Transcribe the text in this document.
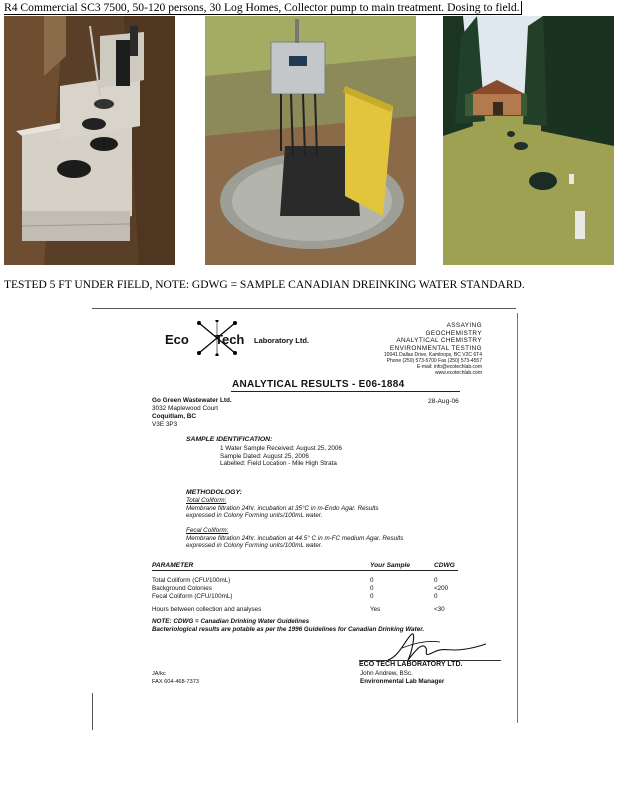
R4 Commercial SC3 7500, 50-120 persons, 30 Log Homes, Collector pump to main treatment. Dosing to field.
TESTED 5 FT UNDER FIELD, NOTE: GDWG = SAMPLE CANADIAN DREINKING WATER STANDARD.
Eco Tech Laboratory Ltd.
ASSAYING
GEOCHEMISTRY
ANALYTICAL CHEMISTRY
ENVIRONMENTAL TESTING
10041 Dallas Drive, Kamloops, BC V2C 6T4
Phone (250) 573-5700 Fax (250) 573-4557
E-mail: info@ecotechlab.com
www.ecotechlab.com
ANALYTICAL RESULTS - E06-1884
Go Green Wastewater Ltd.
3032 Maplewood Court
Coquitlam, BC
V3E 3P3
28-Aug-06
SAMPLE IDENTIFICATION:
1 Water Sample Received: August 25, 2006
Sample Dated: August 25, 2006
Labelled: Field Location - Mile High Strata
METHODOLOGY:
Total Coliform:
Membrane filtration 24hr. incubation at 35°C in m-Endo Agar. Results
expressed in Colony Forming units/100mL water.
Fecal Coliform:
Membrane filtration 24hr. incubation at 44.5° C in m-FC medium Agar. Results
expressed in Colony Forming units/100mL water.
PARAMETER	Your Sample	CDWG
Total Coliform (CFU/100mL)	0	0
Background Colonies	0	<200
Fecal Coliform (CFU/100mL)	0	0
Hours between collection and analyses	Yes	<30
NOTE: CDWG = Canadian Drinking Water Guidelines
Bacteriological results are potable as per the 1996 Guidelines for Canadian Drinking Water.
ECO TECH LABORATORY LTD.
John Andrew, BSc.
Environmental Lab Manager
JA/kc
FAX 604-468-7373
